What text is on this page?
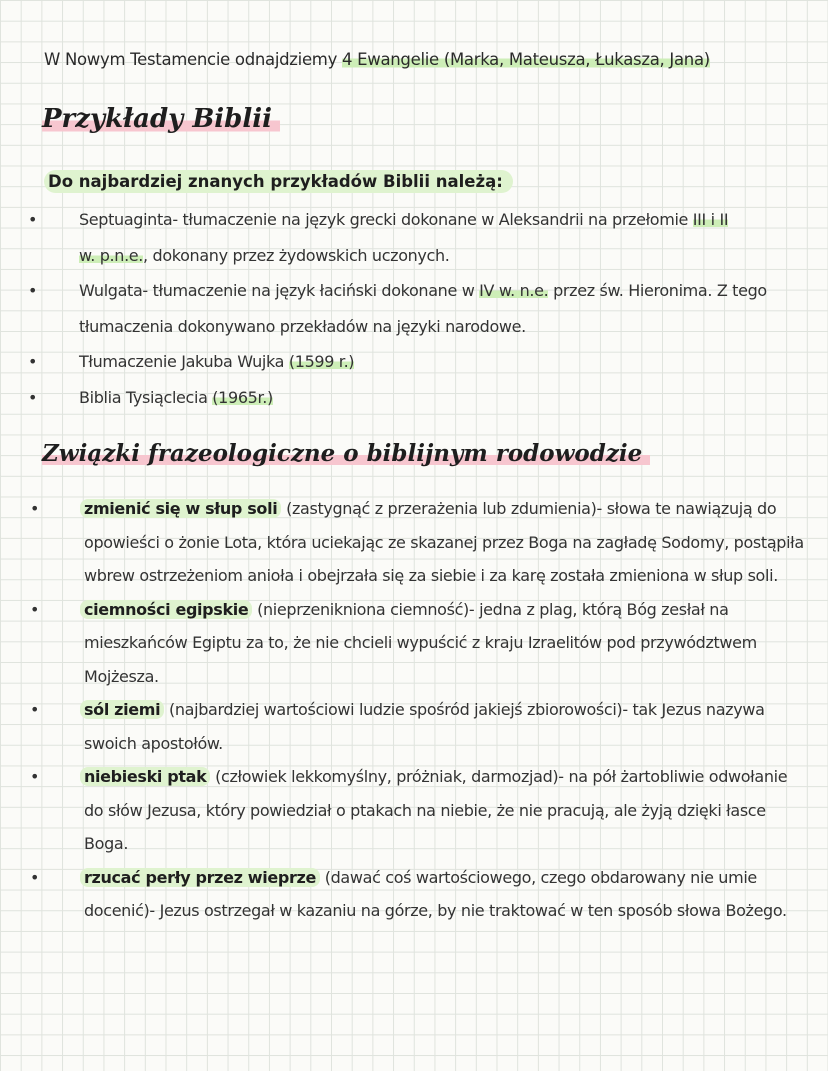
W Nowym Testamencie odnajdziemy 4 Ewangelie (Marka, Mateusza, Łukasza, Jana)
Przykłady Biblii
Do najbardziej znanych przykładów Biblii należą:
•	Septuaginta- tłumaczenie na język grecki dokonane w Aleksandrii na przełomie III i II
w. p.n.e., dokonany przez żydowskich uczonych.
•	Wulgata- tłumaczenie na język łaciński dokonane w IV w. n.e. przez św. Hieronima. Z tego tłumaczenia dokonywano przekładów na języki narodowe.
•	Tłumaczenie Jakuba Wujka (1599 r.)
•	Biblia Tysiąclecia (1965r.)
Związki frazeologiczne o biblijnym rodowodzie
•	zmienić się w słup soli (zastygnąć z przerażenia lub zdumienia)- słowa te nawiązują do opowieści o żonie Lota, która uciekając ze skazanej przez Boga na zagładę Sodomy, postąpiła wbrew ostrzeżeniom anioła i obejrzała się za siebie i za karę została zmieniona w słup soli.
•	ciemności egipskie (nieprzenikniona ciemność)- jedna z plag, którą Bóg zesłał na mieszkańców Egiptu za to, że nie chcieli wypuścić z kraju Izraelitów pod przywództwem Mojżesza.
•	sól ziemi (najbardziej wartościowi ludzie spośród jakiejś zbiorowości)- tak Jezus nazywa swoich apostołów.
•	niebieski ptak (człowiek lekkomyślny, próżniak, darmozjad)- na pół żartobliwie odwołanie do słów Jezusa, który powiedział o ptakach na niebie, że nie pracują, ale żyją dzięki łasce Boga.
•	rzucać perły przez wieprze (dawać coś wartościowego, czego obdarowany nie umie docenić)- Jezus ostrzegał w kazaniu na górze, by nie traktować w ten sposób słowa Bożego.
